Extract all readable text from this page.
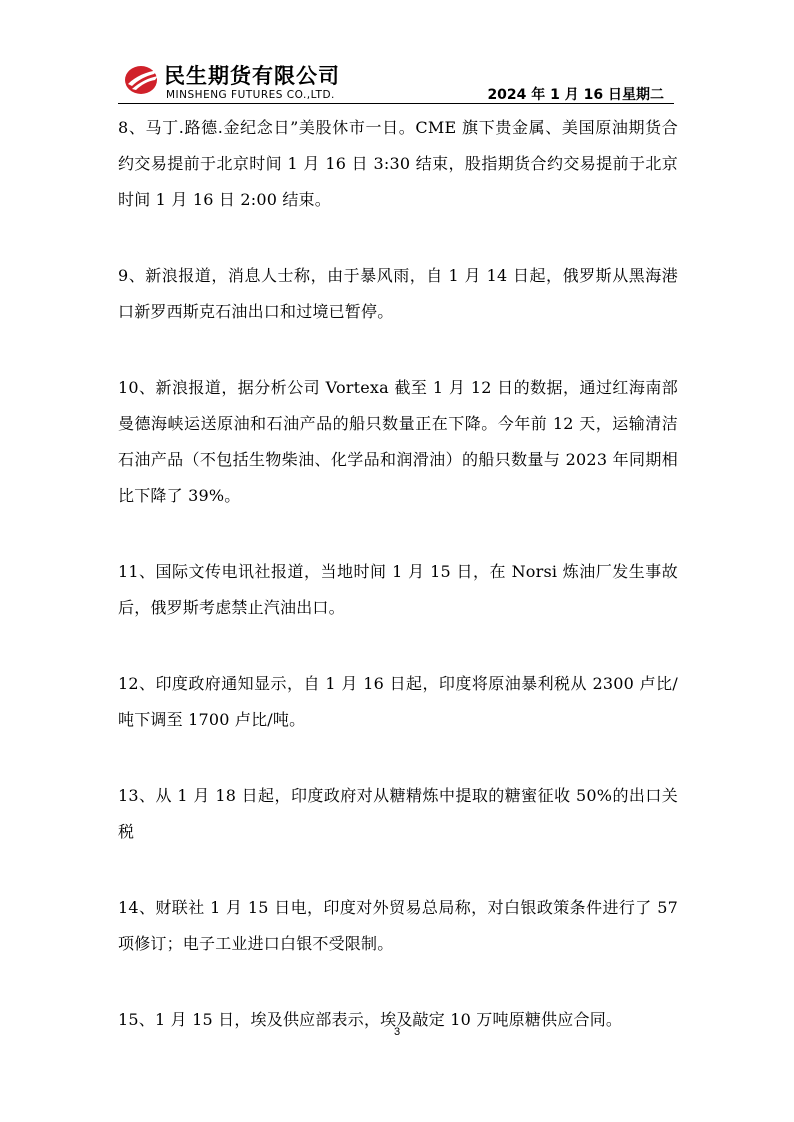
民生期货有限公司
MINSHENG FUTURES CO.,LTD.	2024 年 1 月 16 日星期二

8、马丁.路德.金纪念日”美股休市一日。CME 旗下贵金属、美国原油期货合约交易提前于北京时间 1 月 16 日 3:30 结束，股指期货合约交易提前于北京时间 1 月 16 日 2:00 结束。

9、新浪报道，消息人士称，由于暴风雨，自 1 月 14 日起，俄罗斯从黑海港口新罗西斯克石油出口和过境已暂停。

10、新浪报道，据分析公司 Vortexa 截至 1 月 12 日的数据，通过红海南部曼德海峡运送原油和石油产品的船只数量正在下降。今年前 12 天，运输清洁石油产品（不包括生物柴油、化学品和润滑油）的船只数量与 2023 年同期相比下降了 39%。

11、国际文传电讯社报道，当地时间 1 月 15 日，在 Norsi 炼油厂发生事故后，俄罗斯考虑禁止汽油出口。

12、印度政府通知显示，自 1 月 16 日起，印度将原油暴利税从 2300 卢比/吨下调至 1700 卢比/吨。

13、从 1 月 18 日起，印度政府对从糖精炼中提取的糖蜜征收 50%的出口关税

14、财联社 1 月 15 日电，印度对外贸易总局称，对白银政策条件进行了 57 项修订；电子工业进口白银不受限制。

15、1 月 15 日，埃及供应部表示，埃及敲定 10 万吨原糖供应合同。

3
